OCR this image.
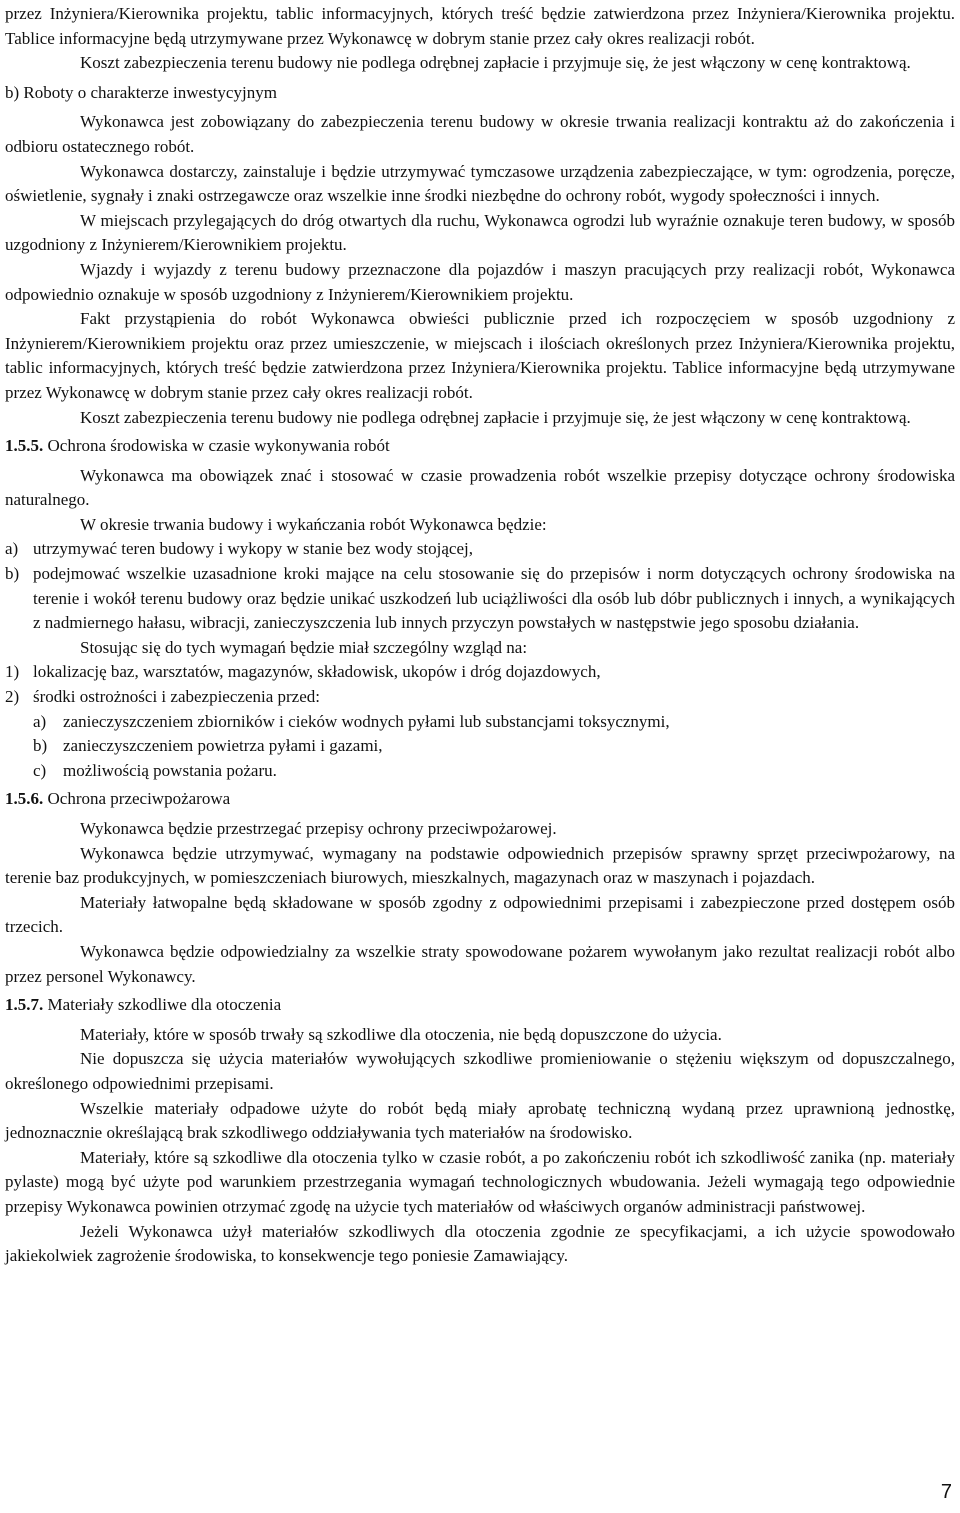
przez Inżyniera/Kierownika projektu, tablic informacyjnych, których treść będzie zatwierdzona przez Inżyniera/Kierownika projektu. Tablice informacyjne będą utrzymywane przez Wykonawcę w dobrym stanie przez cały okres realizacji robót.

Koszt zabezpieczenia terenu budowy nie podlega odrębnej zapłacie i przyjmuje się, że jest włączony w cenę kontraktową.

b) Roboty o charakterze inwestycyjnym

Wykonawca jest zobowiązany do zabezpieczenia terenu budowy w okresie trwania realizacji kontraktu aż do zakończenia i odbioru ostatecznego robót.

Wykonawca dostarczy, zainstaluje i będzie utrzymywać tymczasowe urządzenia zabezpieczające, w tym: ogrodzenia, poręcze, oświetlenie, sygnały i znaki ostrzegawcze oraz wszelkie inne środki niezbędne do ochrony robót, wygody społeczności i innych.

W miejscach przylegających do dróg otwartych dla ruchu, Wykonawca ogrodzi lub wyraźnie oznakuje teren budowy, w sposób uzgodniony z Inżynierem/Kierownikiem projektu.

Wjazdy i wyjazdy z terenu budowy przeznaczone dla pojazdów i maszyn pracujących przy realizacji robót, Wykonawca odpowiednio oznakuje w sposób uzgodniony z Inżynierem/Kierownikiem projektu.

Fakt przystąpienia do robót Wykonawca obwieści publicznie przed ich rozpoczęciem w sposób uzgodniony z Inżynierem/Kierownikiem projektu oraz przez umieszczenie, w miejscach i ilościach określonych przez Inżyniera/Kierownika projektu, tablic informacyjnych, których treść będzie zatwierdzona przez Inżyniera/Kierownika projektu. Tablice informacyjne będą utrzymywane przez Wykonawcę w dobrym stanie przez cały okres realizacji robót.

Koszt zabezpieczenia terenu budowy nie podlega odrębnej zapłacie i przyjmuje się, że jest włączony w cenę kontraktową.

1.5.5. Ochrona środowiska w czasie wykonywania robót

Wykonawca ma obowiązek znać i stosować w czasie prowadzenia robót wszelkie przepisy dotyczące ochrony środowiska naturalnego.

W okresie trwania budowy i wykańczania robót Wykonawca będzie:

a) utrzymywać teren budowy i wykopy w stanie bez wody stojącej,
b) podejmować wszelkie uzasadnione kroki mające na celu stosowanie się do przepisów i norm dotyczących ochrony środowiska na terenie i wokół terenu budowy oraz będzie unikać uszkodzeń lub uciążliwości dla osób lub dóbr publicznych i innych, a wynikających z nadmiernego hałasu, wibracji, zanieczyszczenia lub innych przyczyn powstałych w następstwie jego sposobu działania.

Stosując się do tych wymagań będzie miał szczególny wzgląd na:

1) lokalizację baz, warsztatów, magazynów, składowisk, ukopów i dróg dojazdowych,
2) środki ostrożności i zabezpieczenia przed:
a) zanieczyszczeniem zbiorników i cieków wodnych pyłami lub substancjami toksycznymi,
b) zanieczyszczeniem powietrza pyłami i gazami,
c) możliwością powstania pożaru.

1.5.6. Ochrona przeciwpożarowa

Wykonawca będzie przestrzegać przepisy ochrony przeciwpożarowej.

Wykonawca będzie utrzymywać, wymagany na podstawie odpowiednich przepisów sprawny sprzęt przeciwpożarowy, na terenie baz produkcyjnych, w pomieszczeniach biurowych, mieszkalnych, magazynach oraz w maszynach i pojazdach.

Materiały łatwopalne będą składowane w sposób zgodny z odpowiednimi przepisami i zabezpieczone przed dostępem osób trzecich.

Wykonawca będzie odpowiedzialny za wszelkie straty spowodowane pożarem wywołanym jako rezultat realizacji robót albo przez personel Wykonawcy.

1.5.7. Materiały szkodliwe dla otoczenia

Materiały, które w sposób trwały są szkodliwe dla otoczenia, nie będą dopuszczone do użycia.

Nie dopuszcza się użycia materiałów wywołujących szkodliwe promieniowanie o stężeniu większym od dopuszczalnego, określonego odpowiednimi przepisami.

Wszelkie materiały odpadowe użyte do robót będą miały aprobatę techniczną wydaną przez uprawnioną jednostkę, jednoznacznie określającą brak szkodliwego oddziaływania tych materiałów na środowisko.

Materiały, które są szkodliwe dla otoczenia tylko w czasie robót, a po zakończeniu robót ich szkodliwość zanika (np. materiały pylaste) mogą być użyte pod warunkiem przestrzegania wymagań technologicznych wbudowania. Jeżeli wymagają tego odpowiednie przepisy Wykonawca powinien otrzymać zgodę na użycie tych materiałów od właściwych organów administracji państwowej.

Jeżeli Wykonawca użył materiałów szkodliwych dla otoczenia zgodnie ze specyfikacjami, a ich użycie spowodowało jakiekolwiek zagrożenie środowiska, to konsekwencje tego poniesie Zamawiający.

7
